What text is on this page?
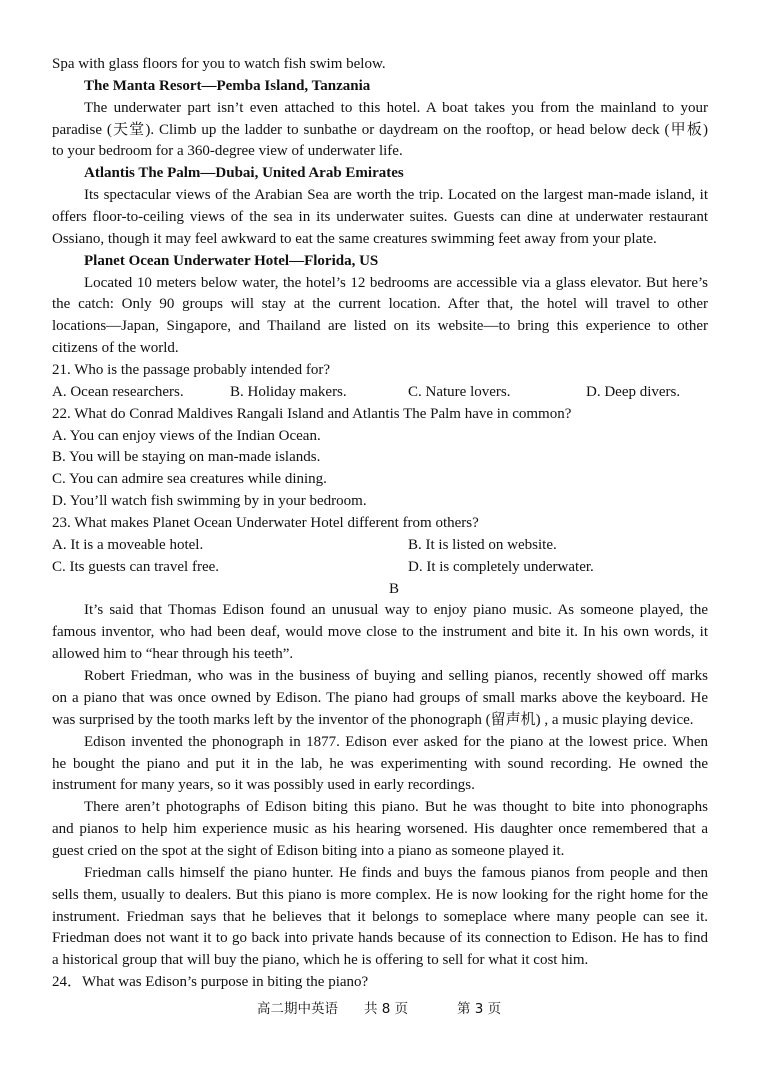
Spa with glass floors for you to watch fish swim below.
The Manta Resort—Pemba Island, Tanzania
The underwater part isn’t even attached to this hotel. A boat takes you from the mainland to your
paradise (天堂). Climb up the ladder to sunbathe or daydream on the rooftop, or head below deck (甲板)
to your bedroom for a 360-degree view of underwater life.
Atlantis The Palm—Dubai, United Arab Emirates
Its spectacular views of the Arabian Sea are worth the trip. Located on the largest man-made island, it
offers floor-to-ceiling views of the sea in its underwater suites. Guests can dine at underwater restaurant
Ossiano, though it may feel awkward to eat the same creatures swimming feet away from your plate.
Planet Ocean Underwater Hotel—Florida, US
Located 10 meters below water, the hotel’s 12 bedrooms are accessible via a glass elevator. But here’s
the catch: Only 90 groups will stay at the current location. After that, the hotel will travel to other
locations—Japan, Singapore, and Thailand are listed on its website—to bring this experience to other
citizens of the world.
21. Who is the passage probably intended for?
A. Ocean researchers.	B. Holiday makers.	C. Nature lovers.	D. Deep divers.
22. What do Conrad Maldives Rangali Island and Atlantis The Palm have in common?
A. You can enjoy views of the Indian Ocean.
B. You will be staying on man-made islands.
C. You can admire sea creatures while dining.
D. You’ll watch fish swimming by in your bedroom.
23. What makes Planet Ocean Underwater Hotel different from others?
A. It is a moveable hotel.	B. It is listed on website.
C. Its guests can travel free.	D. It is completely underwater.
B
It’s said that Thomas Edison found an unusual way to enjoy piano music. As someone played, the
famous inventor, who had been deaf, would move close to the instrument and bite it. In his own words, it
allowed him to “hear through his teeth”.
Robert Friedman, who was in the business of buying and selling pianos, recently showed off marks
on a piano that was once owned by Edison. The piano had groups of small marks above the keyboard. He
was surprised by the tooth marks left by the inventor of the phonograph (留声机) , a music playing device.
Edison invented the phonograph in 1877. Edison ever asked for the piano at the lowest price. When
he bought the piano and put it in the lab, he was experimenting with sound recording. He owned the
instrument for many years, so it was possibly used in early recordings.
There aren’t photographs of Edison biting this piano. But he was thought to bite into phonographs
and pianos to help him experience music as his hearing worsened. His daughter once remembered that a
guest cried on the spot at the sight of Edison biting into a piano as someone played it.
Friedman calls himself the piano hunter. He finds and buys the famous pianos from people and then
sells them, usually to dealers. But this piano is more complex. He is now looking for the right home for the
instrument. Friedman says that he believes that it belongs to someplace where many people can see it.
Friedman does not want it to go back into private hands because of its connection to Edison. He has to find
a historical group that will buy the piano, which he is offering to sell for what it cost him.
24．What was Edison’s purpose in biting the piano?
高二期中英语 共 8 页	第 3 页
